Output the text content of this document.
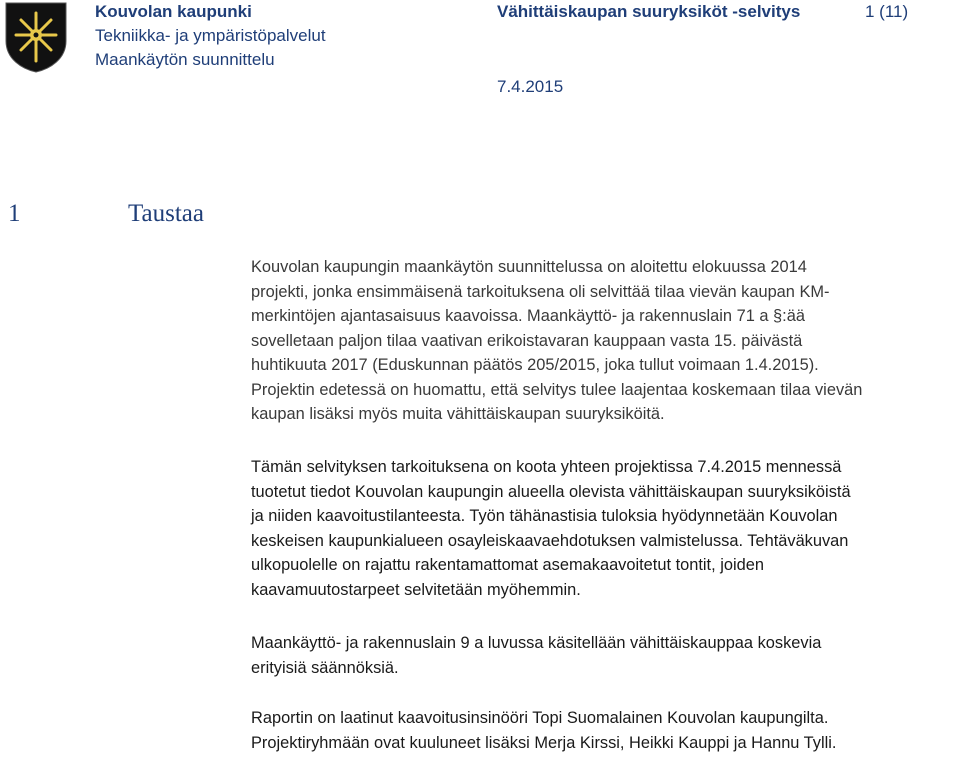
Kouvolan kaupunki
Tekniikka- ja ympäristöpalvelut
Maankäytön suunnittelu
Vähittäiskaupan suuryksiköt -selvitys	1 (11)
7.4.2015
1	Taustaa
Kouvolan kaupungin maankäytön suunnittelussa on aloitettu elokuussa 2014
projekti, jonka ensimmäisenä tarkoituksena oli selvittää tilaa vievän kaupan KM-
merkintöjen ajantasaisuus kaavoissa. Maankäyttö- ja rakennuslain 71 a §:ää
sovelletaan paljon tilaa vaativan erikoistavaran kauppaan vasta 15. päivästä
huhtikuuta 2017 (Eduskunnan päätös 205/2015, joka tullut voimaan 1.4.2015).
Projektin edetessä on huomattu, että selvitys tulee laajentaa koskemaan tilaa vievän
kaupan lisäksi myös muita vähittäiskaupan suuryksiköitä.
Tämän selvityksen tarkoituksena on koota yhteen projektissa 7.4.2015 mennessä
tuotetut tiedot Kouvolan kaupungin alueella olevista vähittäiskaupan suuryksiköistä
ja niiden kaavoitustilanteesta. Työn tähänastisia tuloksia hyödynnetään Kouvolan
keskeisen kaupunkialueen osayleiskaavaehdotuksen valmistelussa. Tehtäväkuvan
ulkopuolelle on rajattu rakentamattomat asemakaavoitetut tontit, joiden
kaavamuutostarpeet selvitetään myöhemmin.
Maankäyttö- ja rakennuslain 9 a luvussa käsitellään vähittäiskauppaa koskevia
erityisiä säännöksiä.
Raportin on laatinut kaavoitusinsinööri Topi Suomalainen Kouvolan kaupungilta.
Projektiryhmään ovat kuuluneet lisäksi Merja Kirssi, Heikki Kauppi ja Hannu Tylli.
